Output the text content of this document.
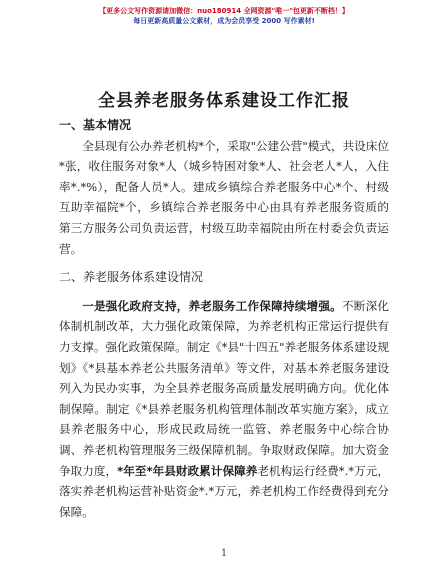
【更多公文写作资源请加微信：nuo180914 全网资源"唯一"包更新不断档！】
每日更新高质量公文素材，成为会员享受 2000 写作素材!
全县养老服务体系建设工作汇报

一、基本情况

全县现有公办养老机构*个，采取"公建公营"模式，共设床位*张，收住服务对象*人（城乡特困对象*人、社会老人*人，入住率*.*%），配备人员*人。建成乡镇综合养老服务中心*个、村级互助幸福院*个，乡镇综合养老服务中心由具有养老服务资质的第三方服务公司负责运营，村级互助幸福院由所在村委会负责运营。

二、养老服务体系建设情况

一是强化政府支持，养老服务工作保障持续增强。不断深化体制机制改革，大力强化政策保障，为养老机构正常运行提供有力支撑。强化政策保障。制定《*县"十四五"养老服务体系建设规划》《*县基本养老公共服务清单》等文件，对基本养老服务建设列入为民办实事，为全县养老服务高质量发展明确方向。优化体制保障。制定《*县养老服务机构管理体制改革实施方案》，成立县养老服务中心，形成民政局统一监管、养老服务中心综合协调、养老机构管理服务三级保障机制。争取财政保障。加大资金争取力度，*年至*年县财政累计保障养老机构运行经费*.*万元，落实养老机构运营补贴资金*.*万元，养老机构工作经费得到充分保障。

1
